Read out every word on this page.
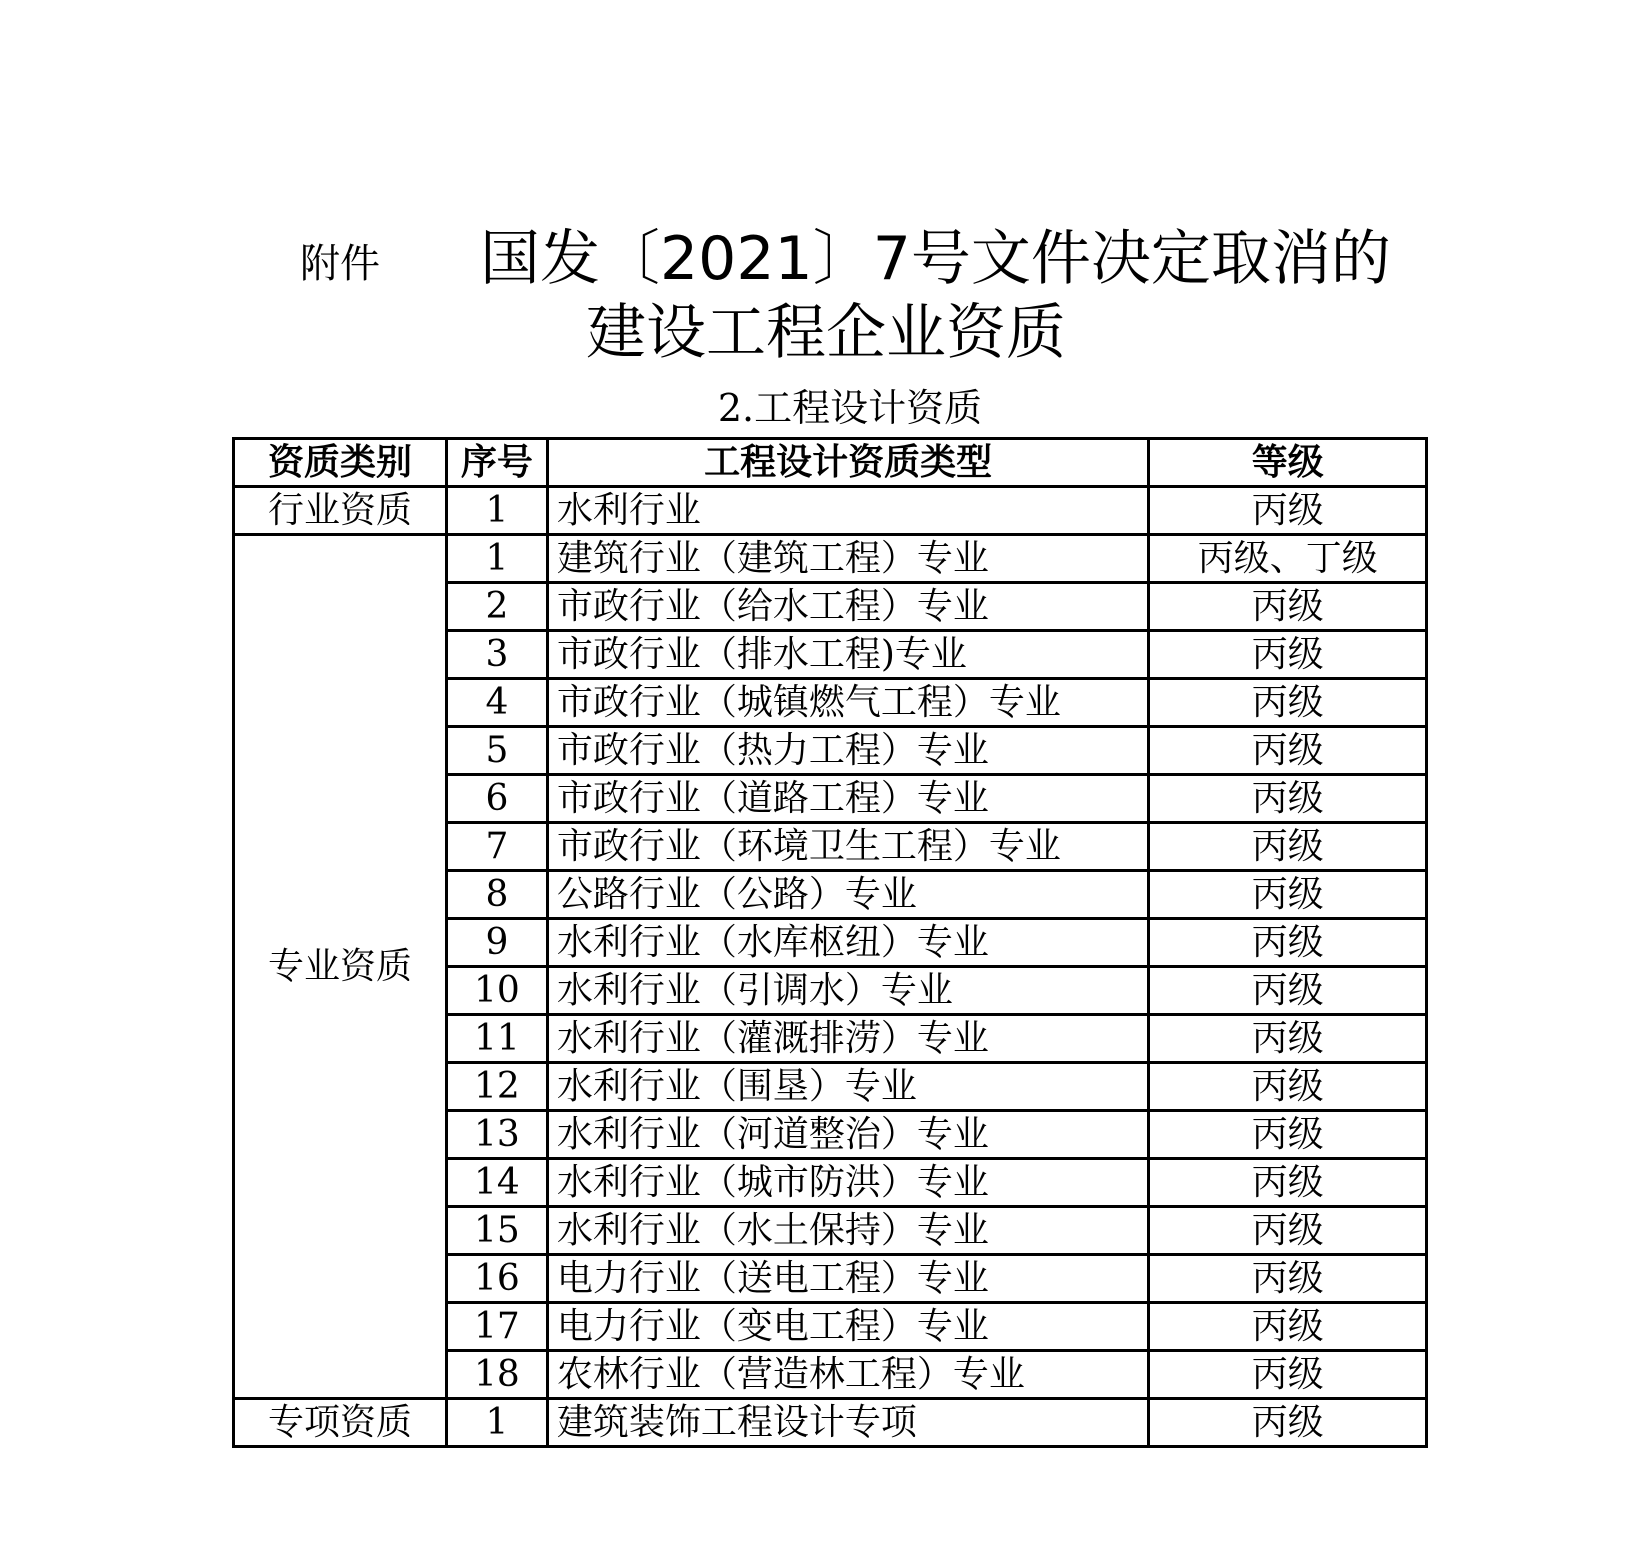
附件 国发〔2021〕7号文件决定取消的
建设工程企业资质
2.工程设计资质
资质类别	序号	工程设计资质类型	等级
行业资质	1	水利行业	丙级
专业资质	1	建筑行业（建筑工程）专业	丙级、丁级
	2	市政行业（给水工程）专业	丙级
	3	市政行业（排水工程)专业	丙级
	4	市政行业（城镇燃气工程）专业	丙级
	5	市政行业（热力工程）专业	丙级
	6	市政行业（道路工程）专业	丙级
	7	市政行业（环境卫生工程）专业	丙级
	8	公路行业（公路）专业	丙级
	9	水利行业（水库枢纽）专业	丙级
	10	水利行业（引调水）专业	丙级
	11	水利行业（灌溉排涝）专业	丙级
	12	水利行业（围垦）专业	丙级
	13	水利行业（河道整治）专业	丙级
	14	水利行业（城市防洪）专业	丙级
	15	水利行业（水土保持）专业	丙级
	16	电力行业（送电工程）专业	丙级
	17	电力行业（变电工程）专业	丙级
	18	农林行业（营造林工程）专业	丙级
专项资质	1	建筑装饰工程设计专项	丙级
